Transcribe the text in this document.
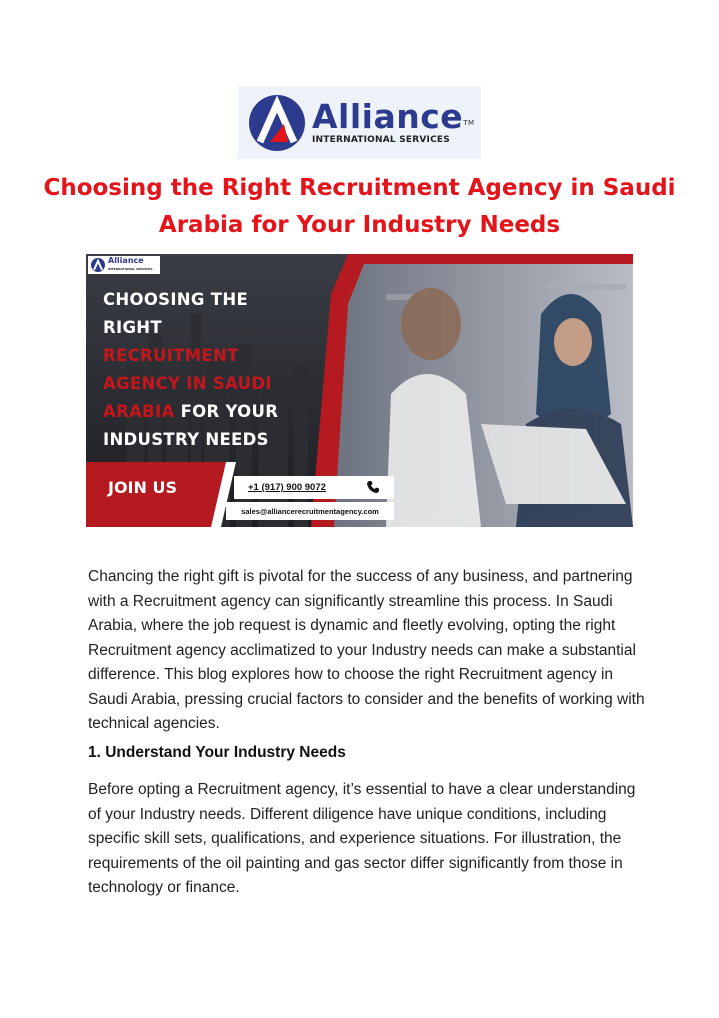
Alliance™
INTERNATIONAL SERVICES
Choosing the Right Recruitment Agency in Saudi Arabia for Your Industry Needs
Alliance
INTERNATIONAL SERVICES
CHOOSING THE
RIGHT
RECRUITMENT
AGENCY IN SAUDI
ARABIA FOR YOUR
INDUSTRY NEEDS
JOIN US	+1 (917) 900 9072
sales@alliancerecruitmentagency.com

Chancing the right gift is pivotal for the success of any business, and partnering with a Recruitment agency can significantly streamline this process. In Saudi Arabia, where the job request is dynamic and fleetly evolving, opting the right Recruitment agency acclimatized to your Industry needs can make a substantial difference. This blog explores how to choose the right Recruitment agency in Saudi Arabia, pressing crucial factors to consider and the benefits of working with technical agencies.

1. Understand Your Industry Needs

Before opting a Recruitment agency, it’s essential to have a clear understanding of your Industry needs. Different diligence have unique conditions, including specific skill sets, qualifications, and experience situations. For illustration, the requirements of the oil painting and gas sector differ significantly from those in technology or finance.
